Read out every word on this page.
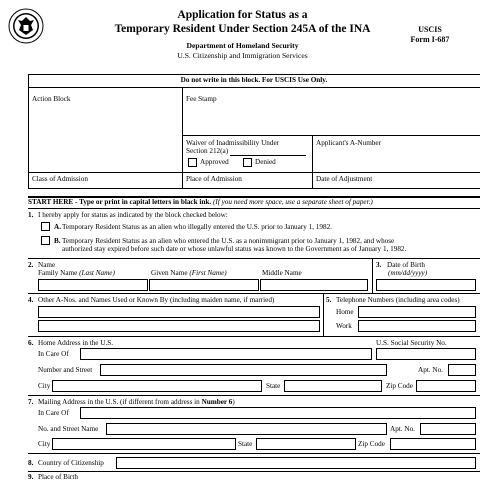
Application for Status as a
Temporary Resident Under Section 245A of the INA
Department of Homeland Security
U.S. Citizenship and Immigration Services
USCIS
Form I-687
Do not write in this block. For USCIS Use Only.
Action Block	Fee Stamp
Waiver of Inadmissibility Under
Section 212(a)
Approved	Denied
Applicant's A-Number
Class of Admission	Place of Admission	Date of Adjustment
START HERE - Type or print in capital letters in black ink. (If you need more space, use a separate sheet of paper.)
1. I hereby apply for status as indicated by the block checked below:
A. Temporary Resident Status as an alien who illegally entered the U.S. prior to January 1, 1982.
B. Temporary Resident Status as an alien who entered the U.S. as a nonimmigrant prior to January 1, 1982, and whose
authorized stay expired before such date or whose unlawful status was known to the Government as of January 1, 1982.
2. Name
Family Name (Last Name)	Given Name (First Name)	Middle Name
3. Date of Birth
(mm/dd/yyyy)
4. Other A-Nos. and Names Used or Known By (including maiden name, if married)	5. Telephone Numbers (including area codes)
Home
Work
6. Home Address in the U.S.	U.S. Social Security No.
In Care Of
Number and Street	Apt. No.
City	State	Zip Code
7. Mailing Address in the U.S. (if different from address in Number 6)
In Care Of
No. and Street Name	Apt. No.
City	State	Zip Code
8. Country of Citizenship
9. Place of Birth
